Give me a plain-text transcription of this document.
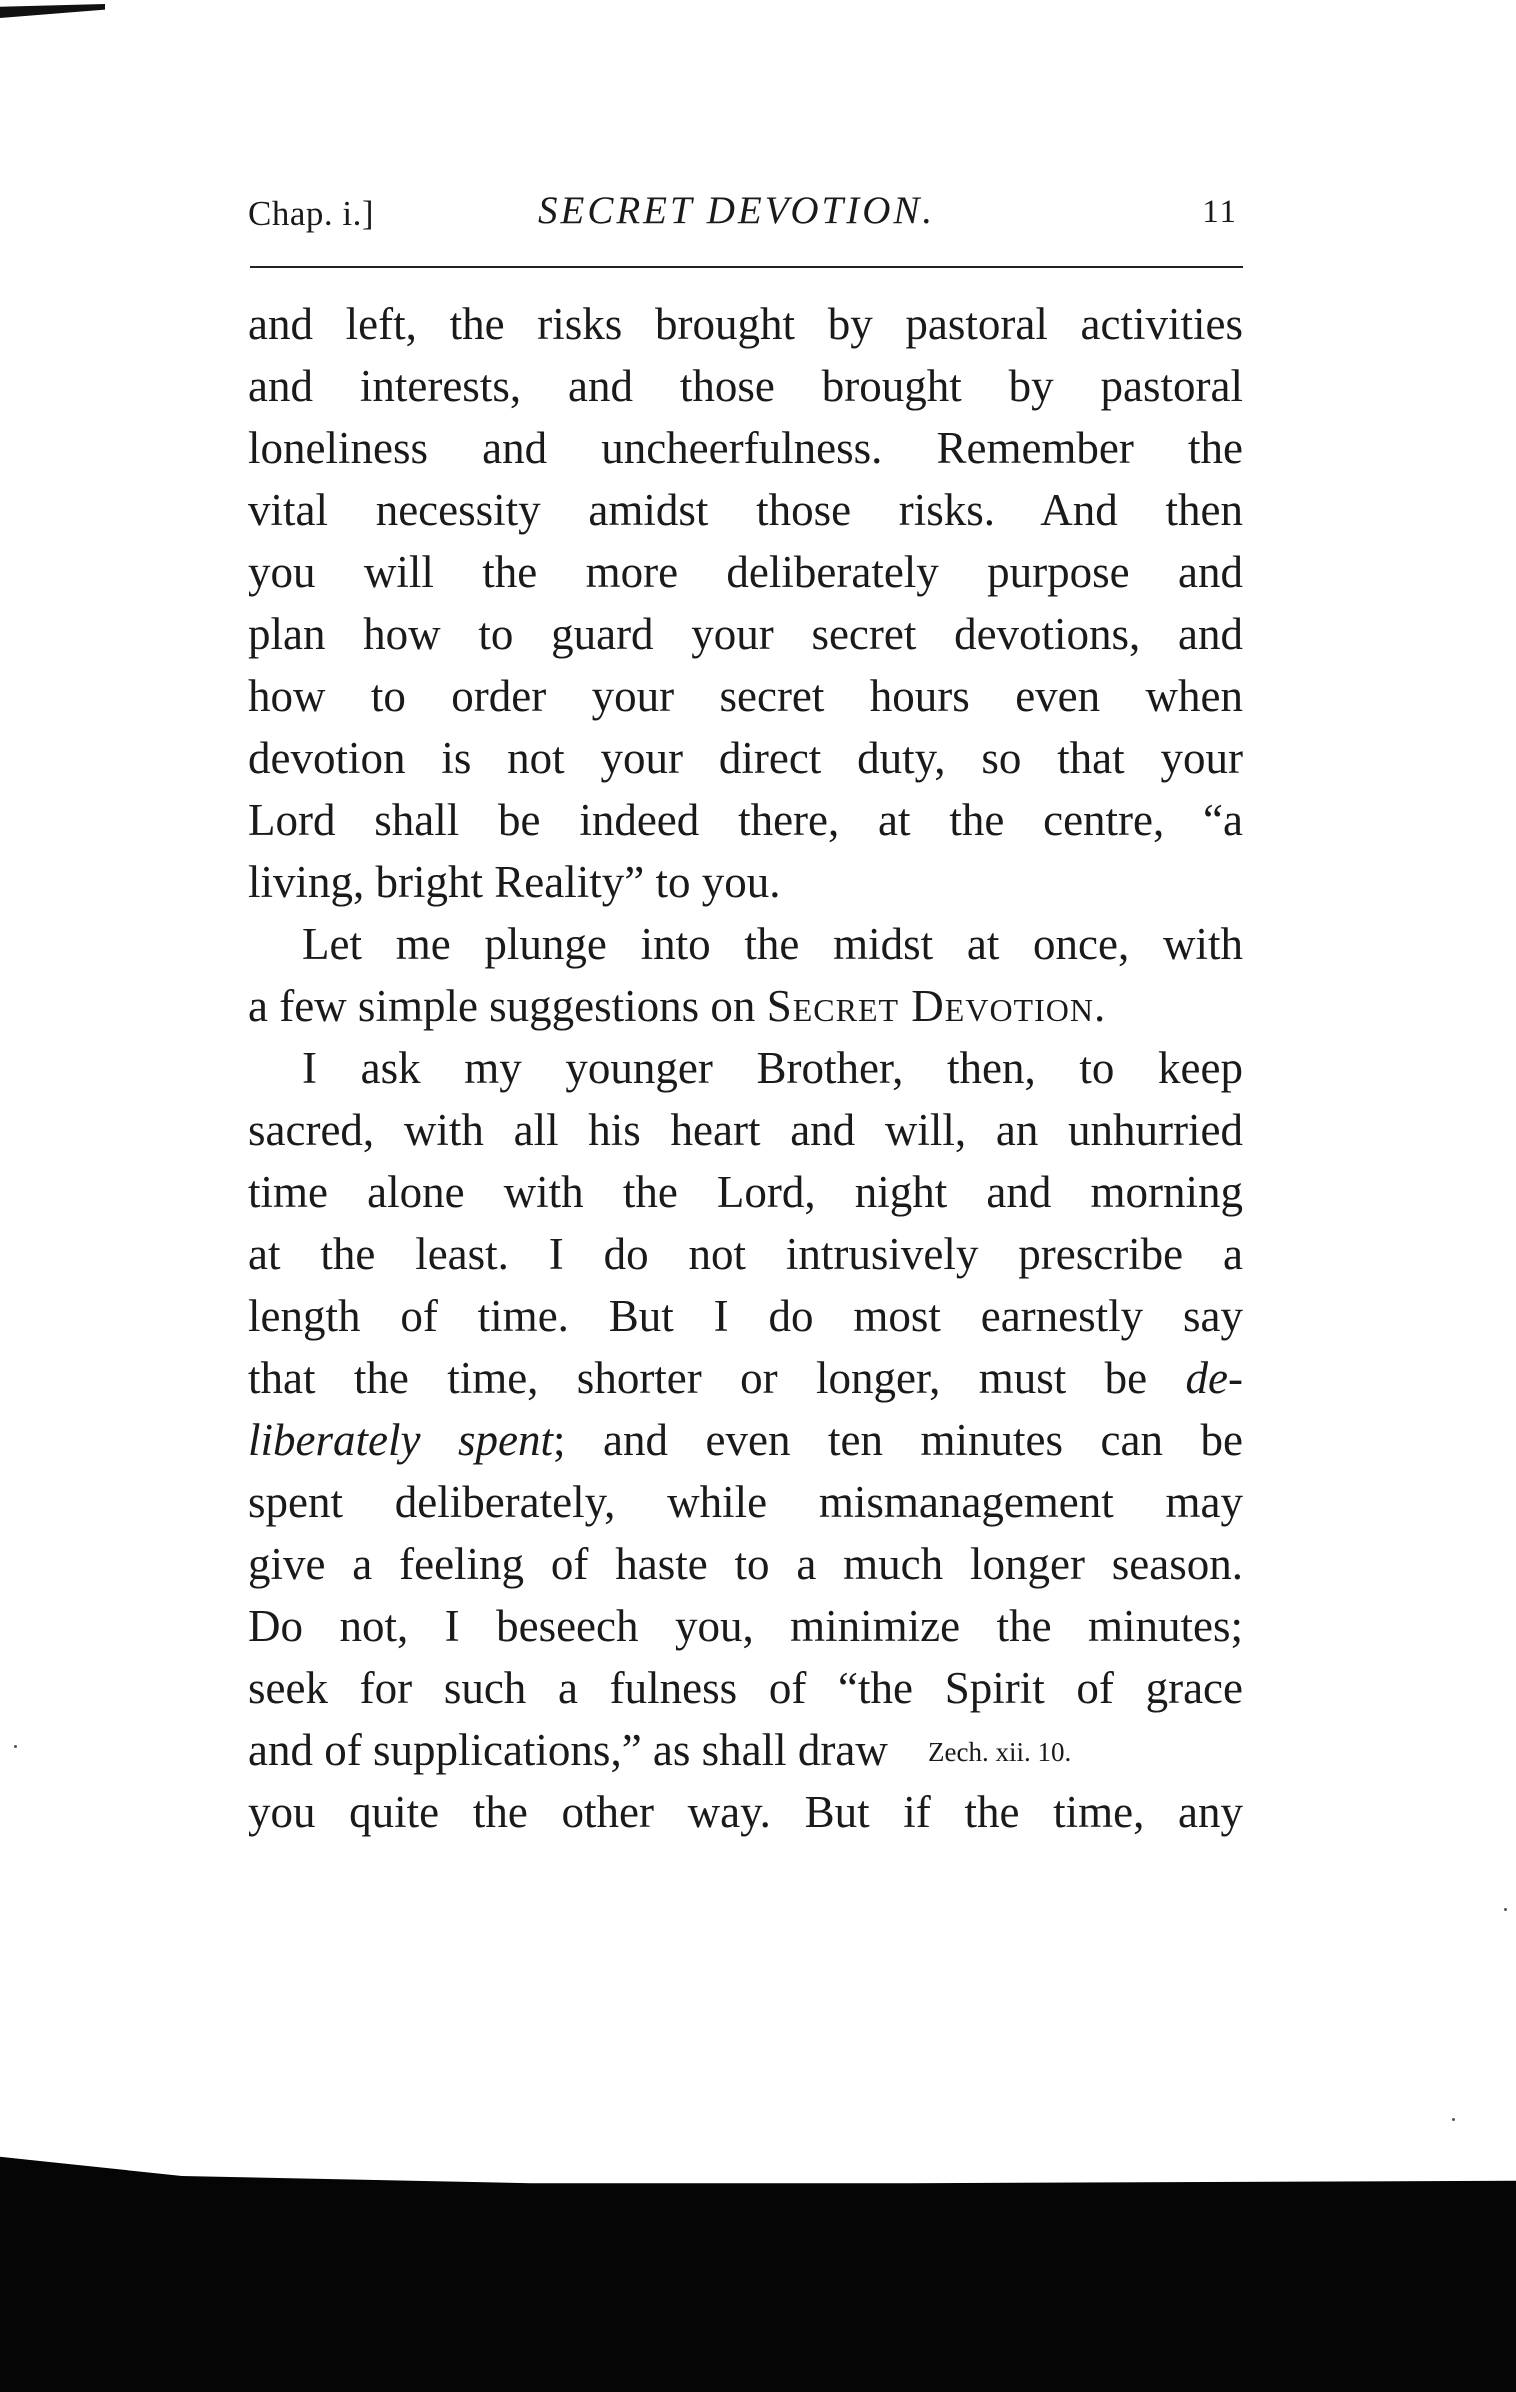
Chap. i.]	SECRET DEVOTION.	11
and left, the risks brought by pastoral activities
and interests, and those brought by pastoral
loneliness and uncheerfulness. Remember the
vital necessity amidst those risks. And then
you will the more deliberately purpose and
plan how to guard your secret devotions, and
how to order your secret hours even when
devotion is not your direct duty, so that your
Lord shall be indeed there, at the centre, “a
living, bright Reality” to you.
Let me plunge into the midst at once, with
a few simple suggestions on Secret Devotion.
I ask my younger Brother, then, to keep
sacred, with all his heart and will, an unhurried
time alone with the Lord, night and morning
at the least. I do not intrusively prescribe a
length of time. But I do most earnestly say
that the time, shorter or longer, must be de-
liberately spent; and even ten minutes can be
spent deliberately, while mismanagement may
give a feeling of haste to a much longer season.
Do not, I beseech you, minimize the minutes;
seek for such a fulness of “the Spirit of grace
and of supplications,” as shall draw
you quite the other way. But if the time, any
Zech. xii. 10.
